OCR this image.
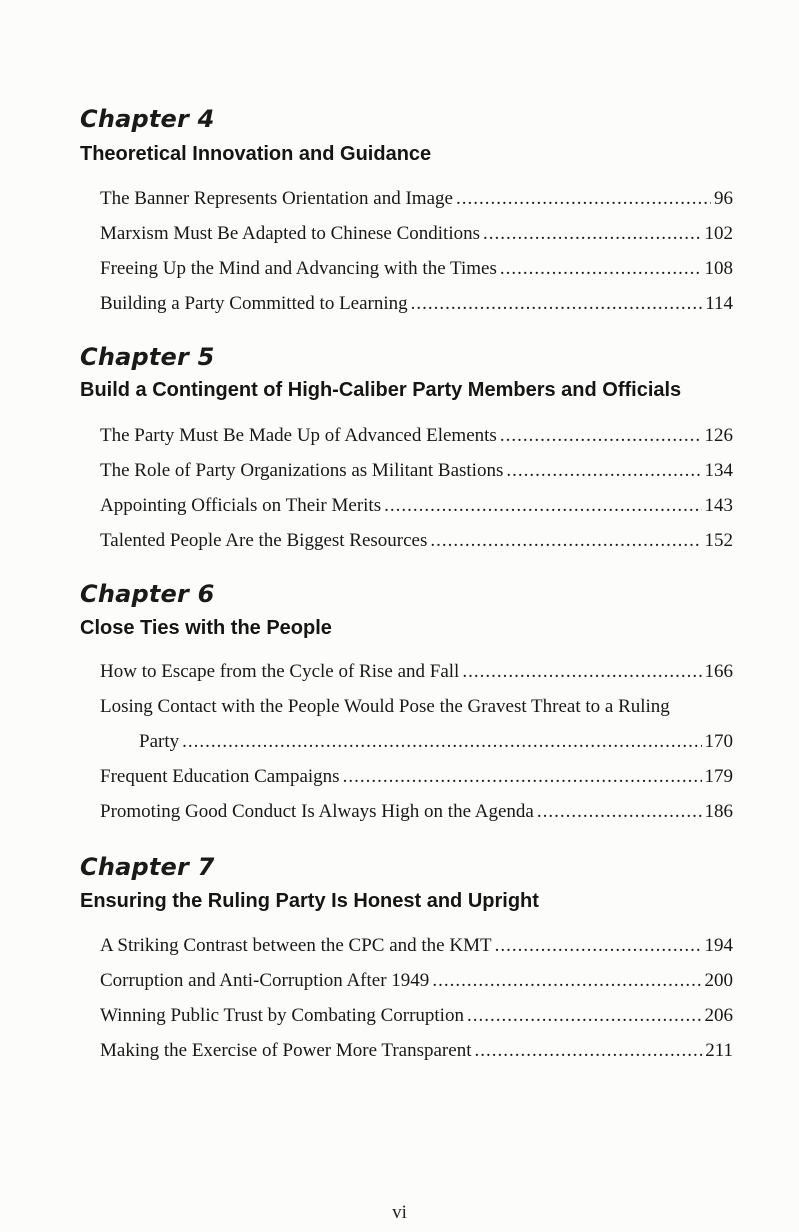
Chapter 4
Theoretical Innovation and Guidance
The Banner Represents Orientation and Image .....	96
Marxism Must Be Adapted to Chinese Conditions .....	102
Freeing Up the Mind and Advancing with the Times .....	108
Building a Party Committed to Learning .....	114
Chapter 5
Build a Contingent of High-Caliber Party Members and Officials
The Party Must Be Made Up of Advanced Elements .....	126
The Role of Party Organizations as Militant Bastions .....	134
Appointing Officials on Their Merits .....	143
Talented People Are the Biggest Resources .....	152
Chapter 6
Close Ties with the People
How to Escape from the Cycle of Rise and Fall .....	166
Losing Contact with the People Would Pose the Gravest Threat to a Ruling
Party .....	170
Frequent Education Campaigns .....	179
Promoting Good Conduct Is Always High on the Agenda .....	186
Chapter 7
Ensuring the Ruling Party Is Honest and Upright
A Striking Contrast between the CPC and the KMT .....	194
Corruption and Anti-Corruption After 1949 .....	200
Winning Public Trust by Combating Corruption .....	206
Making the Exercise of Power More Transparent .....	211
vi
